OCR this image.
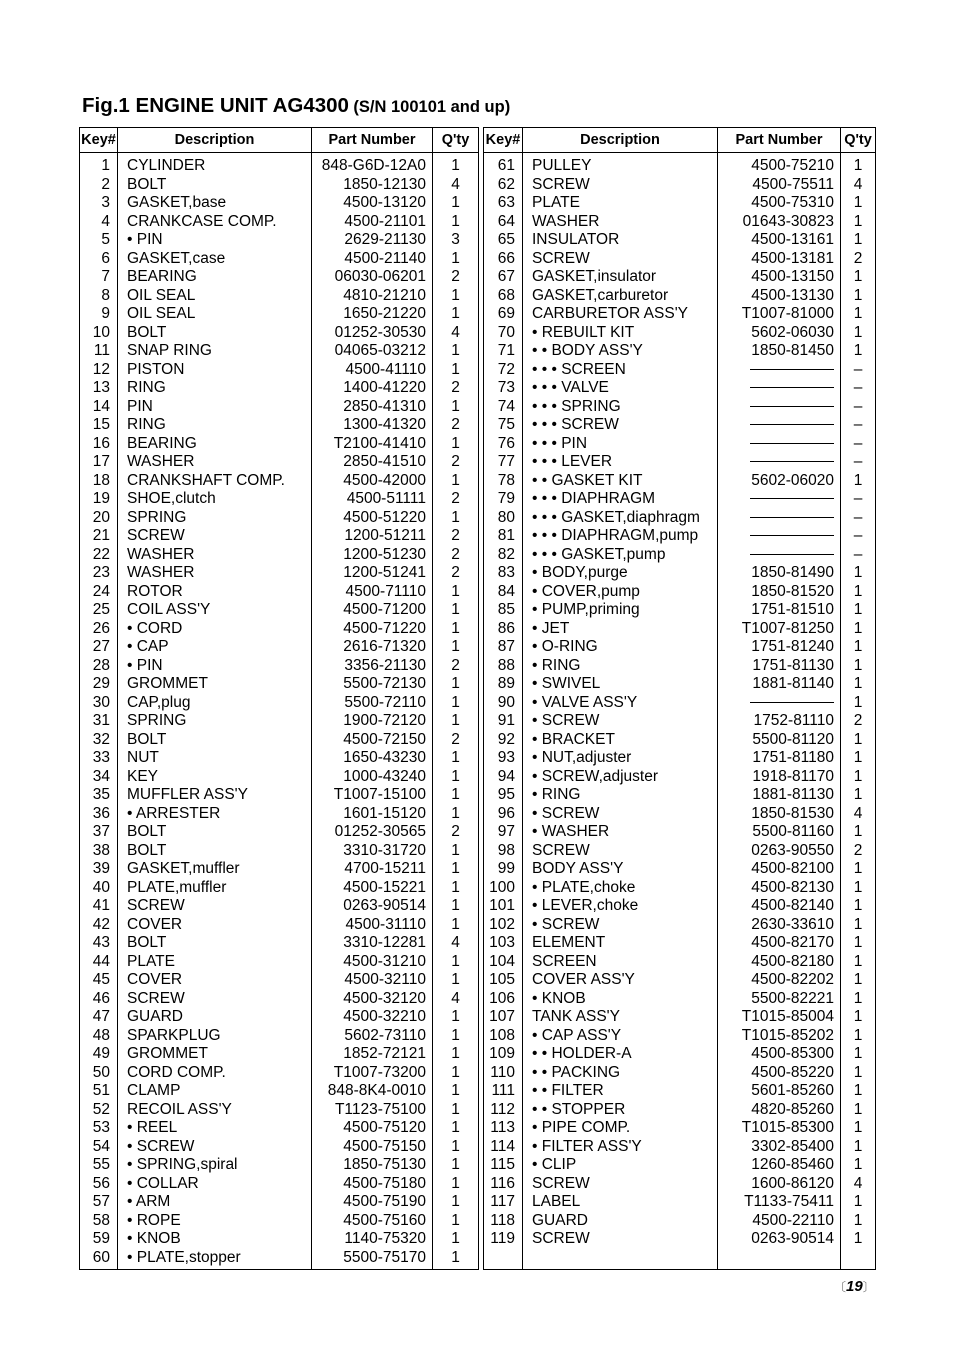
Fig.1 ENGINE UNIT AG4300 (S/N 100101 and up)
Key#	Description	Part Number	Q'ty
1	CYLINDER	848-G6D-12A0	1
2	BOLT	1850-12130	4
3	GASKET,base	4500-13120	1
4	CRANKCASE COMP.	4500-21101	1
5	• PIN	2629-21130	3
6	GASKET,case	4500-21140	1
7	BEARING	06030-06201	2
8	OIL SEAL	4810-21210	1
9	OIL SEAL	1650-21220	1
10	BOLT	01252-30530	4
11	SNAP RING	04065-03212	1
12	PISTON	4500-41110	1
13	RING	1400-41220	2
14	PIN	2850-41310	1
15	RING	1300-41320	2
16	BEARING	T2100-41410	1
17	WASHER	2850-41510	2
18	CRANKSHAFT COMP.	4500-42000	1
19	SHOE,clutch	4500-51111	2
20	SPRING	4500-51220	1
21	SCREW	1200-51211	2
22	WASHER	1200-51230	2
23	WASHER	1200-51241	2
24	ROTOR	4500-71110	1
25	COIL ASS'Y	4500-71200	1
26	• CORD	4500-71220	1
27	• CAP	2616-71320	1
28	• PIN	3356-21130	2
29	GROMMET	5500-72130	1
30	CAP,plug	5500-72110	1
31	SPRING	1900-72120	1
32	BOLT	4500-72150	2
33	NUT	1650-43230	1
34	KEY	1000-43240	1
35	MUFFLER ASS'Y	T1007-15100	1
36	• ARRESTER	1601-15120	1
37	BOLT	01252-30565	2
38	BOLT	3310-31720	1
39	GASKET,muffler	4700-15211	1
40	PLATE,muffler	4500-15221	1
41	SCREW	0263-90514	1
42	COVER	4500-31110	1
43	BOLT	3310-12281	4
44	PLATE	4500-31210	1
45	COVER	4500-32110	1
46	SCREW	4500-32120	4
47	GUARD	4500-32210	1
48	SPARKPLUG	5602-73110	1
49	GROMMET	1852-72121	1
50	CORD COMP.	T1007-73200	1
51	CLAMP	848-8K4-0010	1
52	RECOIL ASS'Y	T1123-75100	1
53	• REEL	4500-75120	1
54	• SCREW	4500-75150	1
55	• SPRING,spiral	1850-75130	1
56	• COLLAR	4500-75180	1
57	• ARM	4500-75190	1
58	• ROPE	4500-75160	1
59	• KNOB	1140-75320	1
60	• PLATE,stopper	5500-75170	1
Key#	Description	Part Number	Q'ty
61	PULLEY	4500-75210	1
62	SCREW	4500-75511	4
63	PLATE	4500-75310	1
64	WASHER	01643-30823	1
65	INSULATOR	4500-13161	1
66	SCREW	4500-13181	2
67	GASKET,insulator	4500-13150	1
68	GASKET,carburetor	4500-13130	1
69	CARBURETOR ASS'Y	T1007-81000	1
70	• REBUILT KIT	5602-06030	1
71	• • BODY ASS'Y	1850-81450	1
72	• • • SCREEN		–
73	• • • VALVE		–
74	• • • SPRING		–
75	• • • SCREW		–
76	• • • PIN		–
77	• • • LEVER		–
78	• • GASKET KIT	5602-06020	1
79	• • • DIAPHRAGM		–
80	• • • GASKET,diaphragm		–
81	• • • DIAPHRAGM,pump		–
82	• • • GASKET,pump		–
83	• BODY,purge	1850-81490	1
84	• COVER,pump	1850-81520	1
85	• PUMP,priming	1751-81510	1
86	• JET	T1007-81250	1
87	• O-RING	1751-81240	1
88	• RING	1751-81130	1
89	• SWIVEL	1881-81140	1
90	• VALVE ASS'Y		1
91	• SCREW	1752-81110	2
92	• BRACKET	5500-81120	1
93	• NUT,adjuster	1751-81180	1
94	• SCREW,adjuster	1918-81170	1
95	• RING	1881-81130	1
96	• SCREW	1850-81530	4
97	• WASHER	5500-81160	1
98	SCREW	0263-90550	2
99	BODY ASS'Y	4500-82100	1
100	• PLATE,choke	4500-82130	1
101	• LEVER,choke	4500-82140	1
102	• SCREW	2630-33610	1
103	ELEMENT	4500-82170	1
104	SCREEN	4500-82180	1
105	COVER ASS'Y	4500-82202	1
106	• KNOB	5500-82221	1
107	TANK ASS'Y	T1015-85004	1
108	• CAP ASS'Y	T1015-85202	1
109	• • HOLDER-A	4500-85300	1
110	• • PACKING	4500-85220	1
111	• • FILTER	5601-85260	1
112	• • STOPPER	4820-85260	1
113	• PIPE COMP.	T1015-85300	1
114	• FILTER ASS'Y	3302-85400	1
115	• CLIP	1260-85460	1
116	SCREW	1600-86120	4
117	LABEL	T1133-75411	1
118	GUARD	4500-22110	1
119	SCREW	0263-90514	1

〔19〕
